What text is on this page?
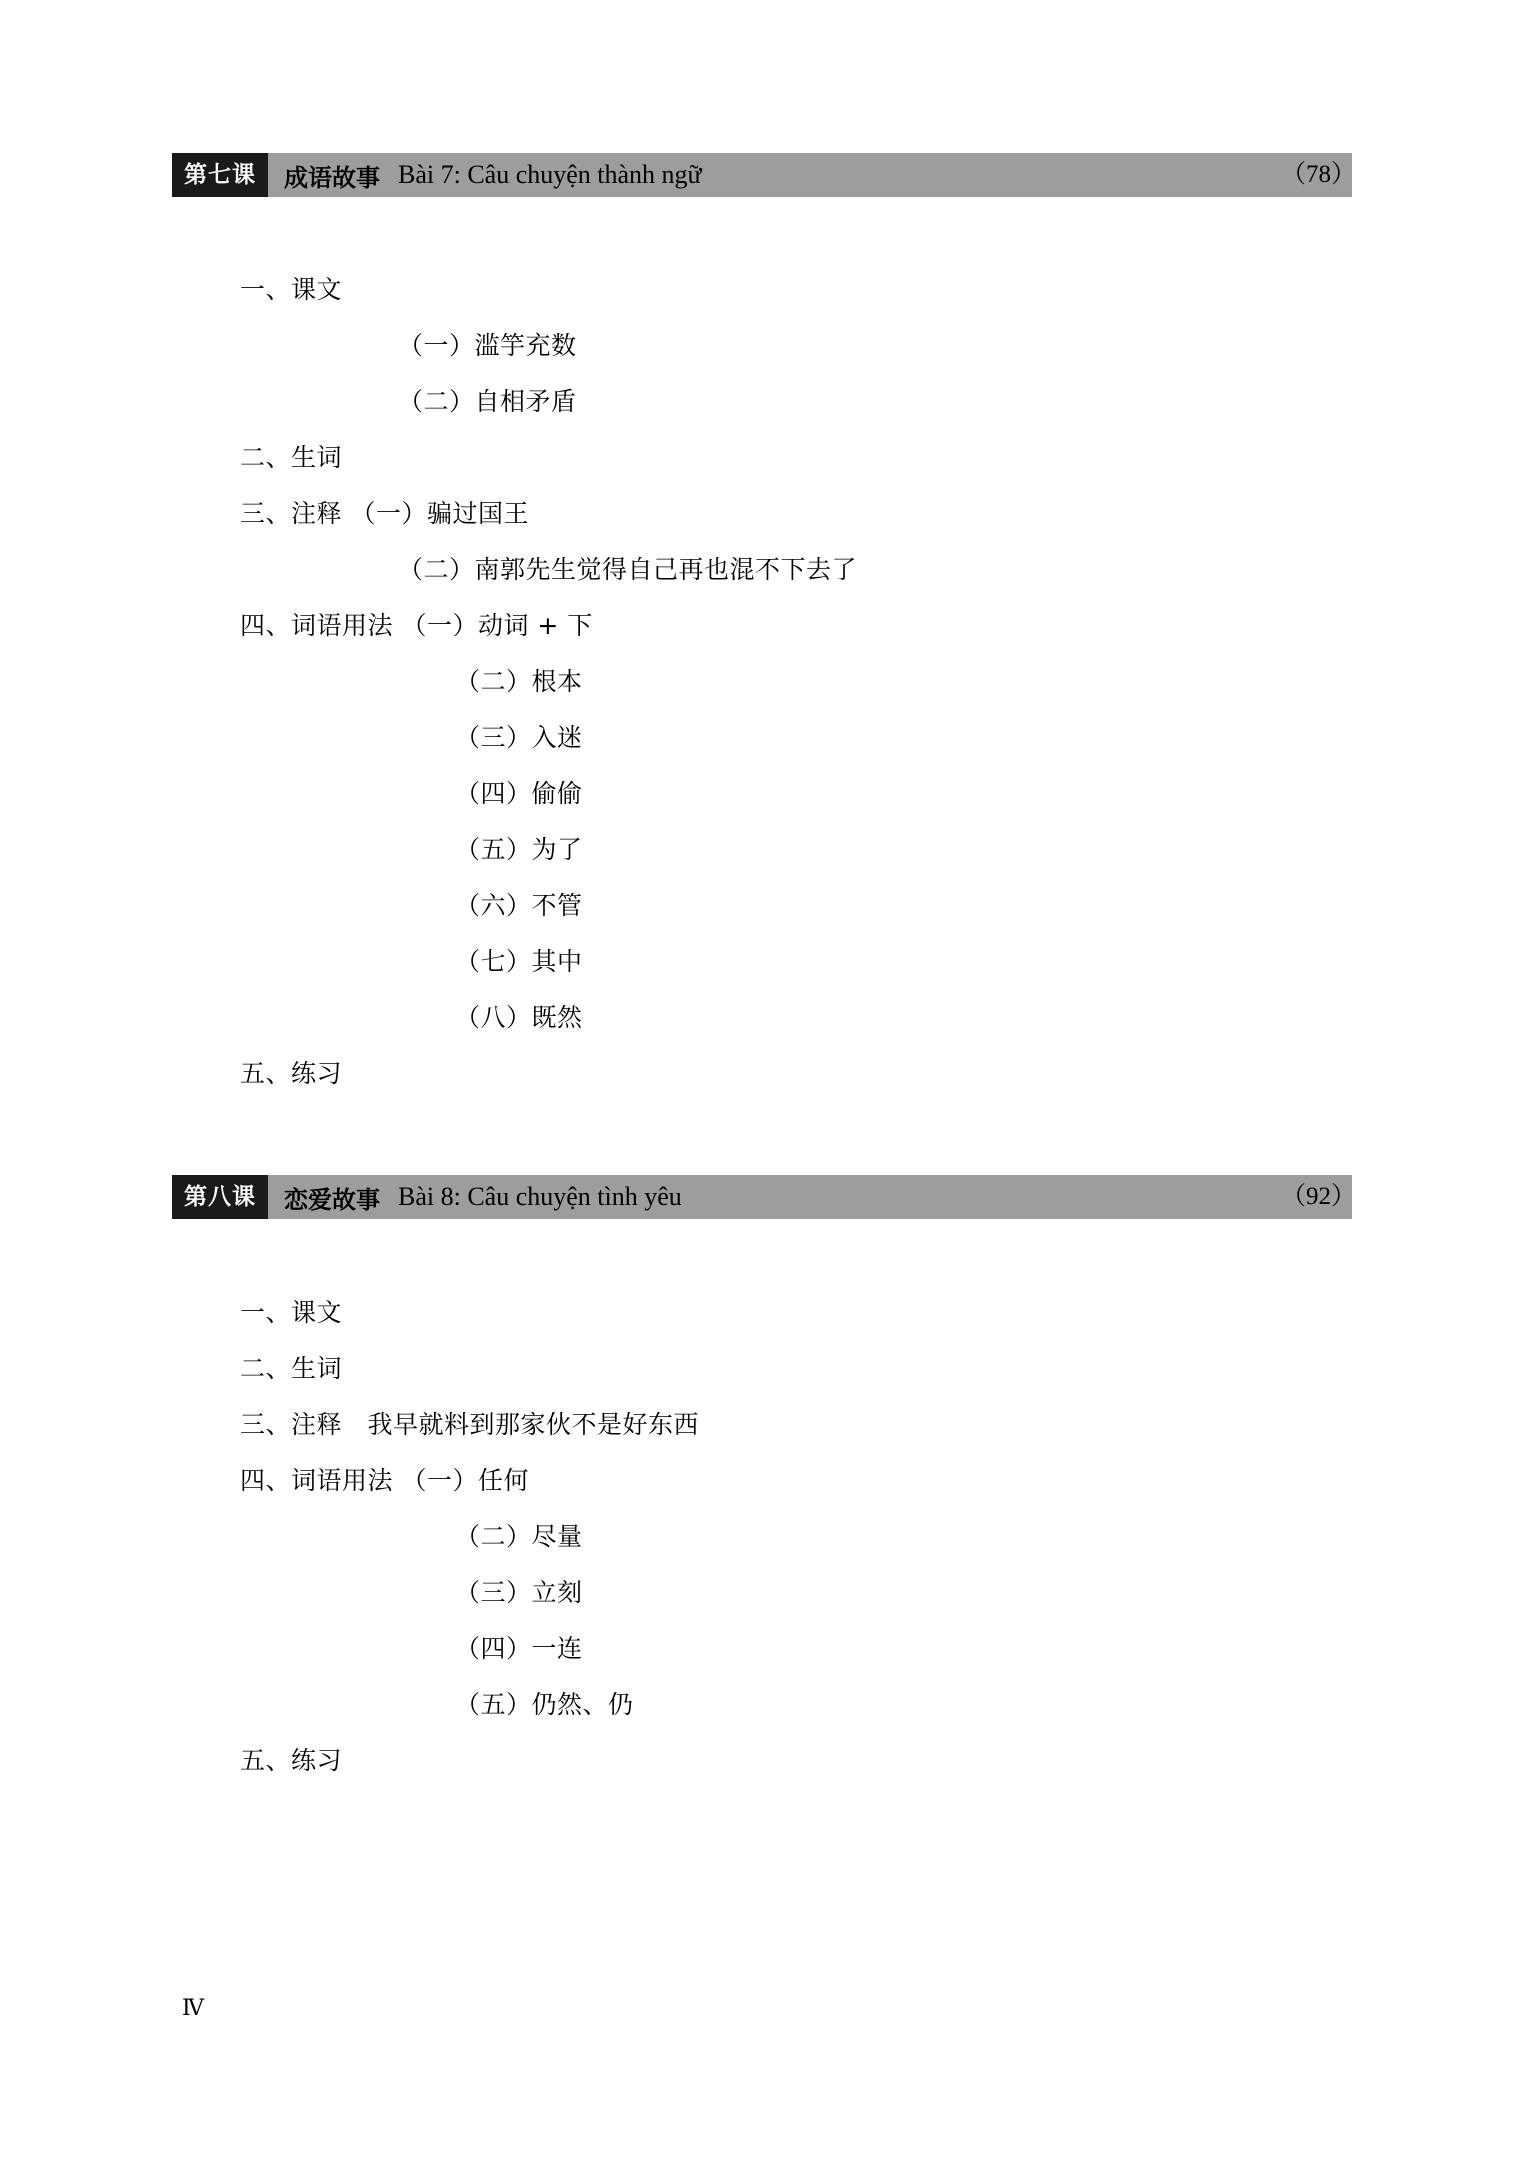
第七课	成语故事 Bài 7: Câu chuyện thành ngữ	（78）
一、课文
（一）滥竽充数
（二）自相矛盾
二、生词
三、注释 （一）骗过国王
（二）南郭先生觉得自己再也混不下去了
四、词语用法 （一）动词 + 下
（二）根本
（三）入迷
（四）偷偷
（五）为了
（六）不管
（七）其中
（八）既然
五、练习
第八课	恋爱故事 Bài 8: Câu chuyện tình yêu	（92）
一、课文
二、生词
三、注释　我早就料到那家伙不是好东西
四、词语用法 （一）任何
（二）尽量
（三）立刻
（四）一连
（五）仍然、仍
五、练习
Ⅳ
